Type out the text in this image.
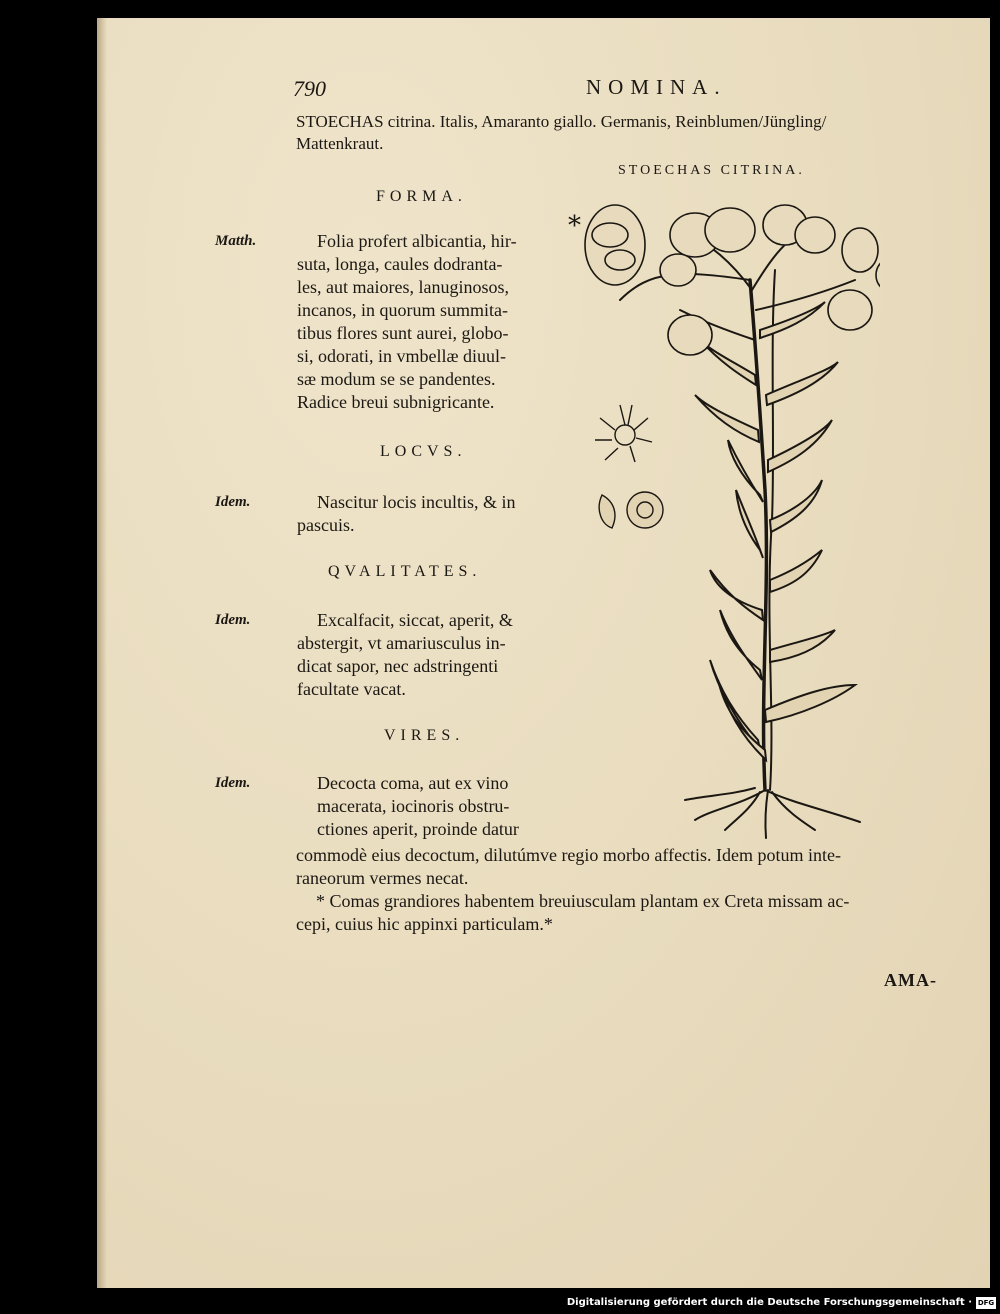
790	NOMINA.
STOECHAS citrina. Italis, Amaranto giallo. Germanis, Reinblumen/Jüngling/
Mattenkraut.
STOECHAS CITRINA.
FORMA.
Matth.	Folia profert albicantia, hir-
suta, longa, caules dodranta-
les, aut maiores, lanuginosos,
incanos, in quorum summita-
tibus flores sunt aurei, globo-
si, odorati, in vmbellæ diuul-
sæ modum se se pandentes.
Radice breui subnigricante.
LOCVS.
Idem.	Nascitur locis incultis, & in
pascuis.
QVALITATES.
Idem.	Excalfacit, siccat, aperit, &
abstergit, vt amariusculus in-
dicat sapor, nec adstringenti
facultate vacat.
VIRES.
Idem.	Decocta coma, aut ex vino
macerata, iocinoris obstru-
ctiones aperit, proinde datur
commodè eius decoctum, dilutúmve regio morbo affectis. Idem potum inte-
raneorum vermes necat.
* Comas grandiores habentem breuiusculam plantam ex Creta missam ac-
cepi, cuius hic appinxi particulam.*
AMA-
*
Digitalisierung gefördert durch die Deutsche Forschungsgemeinschaft · DFG
